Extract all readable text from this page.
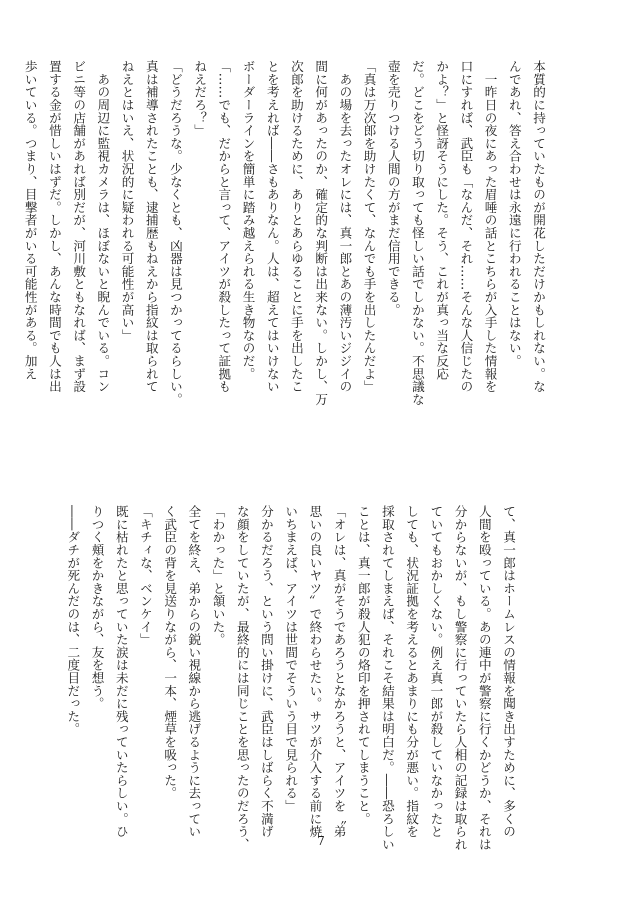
本質的に持っていたものが開花しただけかもしれない。な

んであれ、答え合わせは永遠に行われることはない。

　一昨日の夜にあった眉唾の話とこちらが入手した情報を

口にすれば、武臣も「なんだ、それ……そんな人信じたの

かよ？」と怪訝そうにした。そう、これが真っ当な反応

だ。どこをどう切り取っても怪しい話でしかない。不思議な

壺を売りつける人間の方がまだ信用できる。

「真は万次郎を助けたくて、なんでも手を出したんだよ」

　あの場を去ったオレには、真一郎とあの薄汚いジジイの

間に何があったのか、確定的な判断は出来ない。しかし、万

次郎を助けるために、ありとあらゆることに手を出したこ

とを考えれば――さもありなん。人は、超えてはいけない

ボーダーラインを簡単に踏み越えられる生き物なのだ。

「……でも、だからと言って、アイツが殺したって証拠も

ねえだろ？」

「どうだろうな。少なくとも、凶器は見つかってるらしい。

真は補導されたことも、逮捕歴もねえから指紋は取られて

ねえとはいえ、状況的に疑われる可能性が高い」

　あの周辺に監視カメラは、ほぼないと睨んでいる。コン

ビニ等の店舗があれば別だが、河川敷ともなれば、まず設

置する金が惜しいはずだ。しかし、あんな時間でも人は出

歩いている。つまり、目撃者がいる可能性がある。加え

て、真一郎はホームレスの情報を聞き出すために、多くの

人間を殴っている。あの連中が警察に行くかどうか、それは

分からないが、もし警察に行っていたら人相の記録は取られ

ていてもおかしくない。例え真一郎が殺していなかったと

しても、状況証拠を考えるとあまりにも分が悪い。指紋を

採取されてしまえば、それこそ結果は明白だ。――恐ろしい

ことは、真一郎が殺人犯の烙印を押されてしまうこと。

「オレは、真がそうであろうとなかろうと、アイツを〝弟

思いの良いヤツ〟で終わらせたい。サツが介入する前に焼

いちまえば、アイツは世間でそういう目で見られる」

分かるだろう、という問い掛けに、武臣はしばらく不満げ

な顔をしていたが、最終的には同じことを思ったのだろう、

「わかった」と頷いた。

全てを終え、弟からの鋭い視線から逃げるように去ってい

く武臣の背を見送りながら、一本、煙草を吸った。

「キチィな、ベンケイ」

既に枯れたと思っていた涙は未だに残っていたらしい。ひ

りつく頬をかきながら、友を想う。

――ダチが死んだのは、二度目だった。

7
